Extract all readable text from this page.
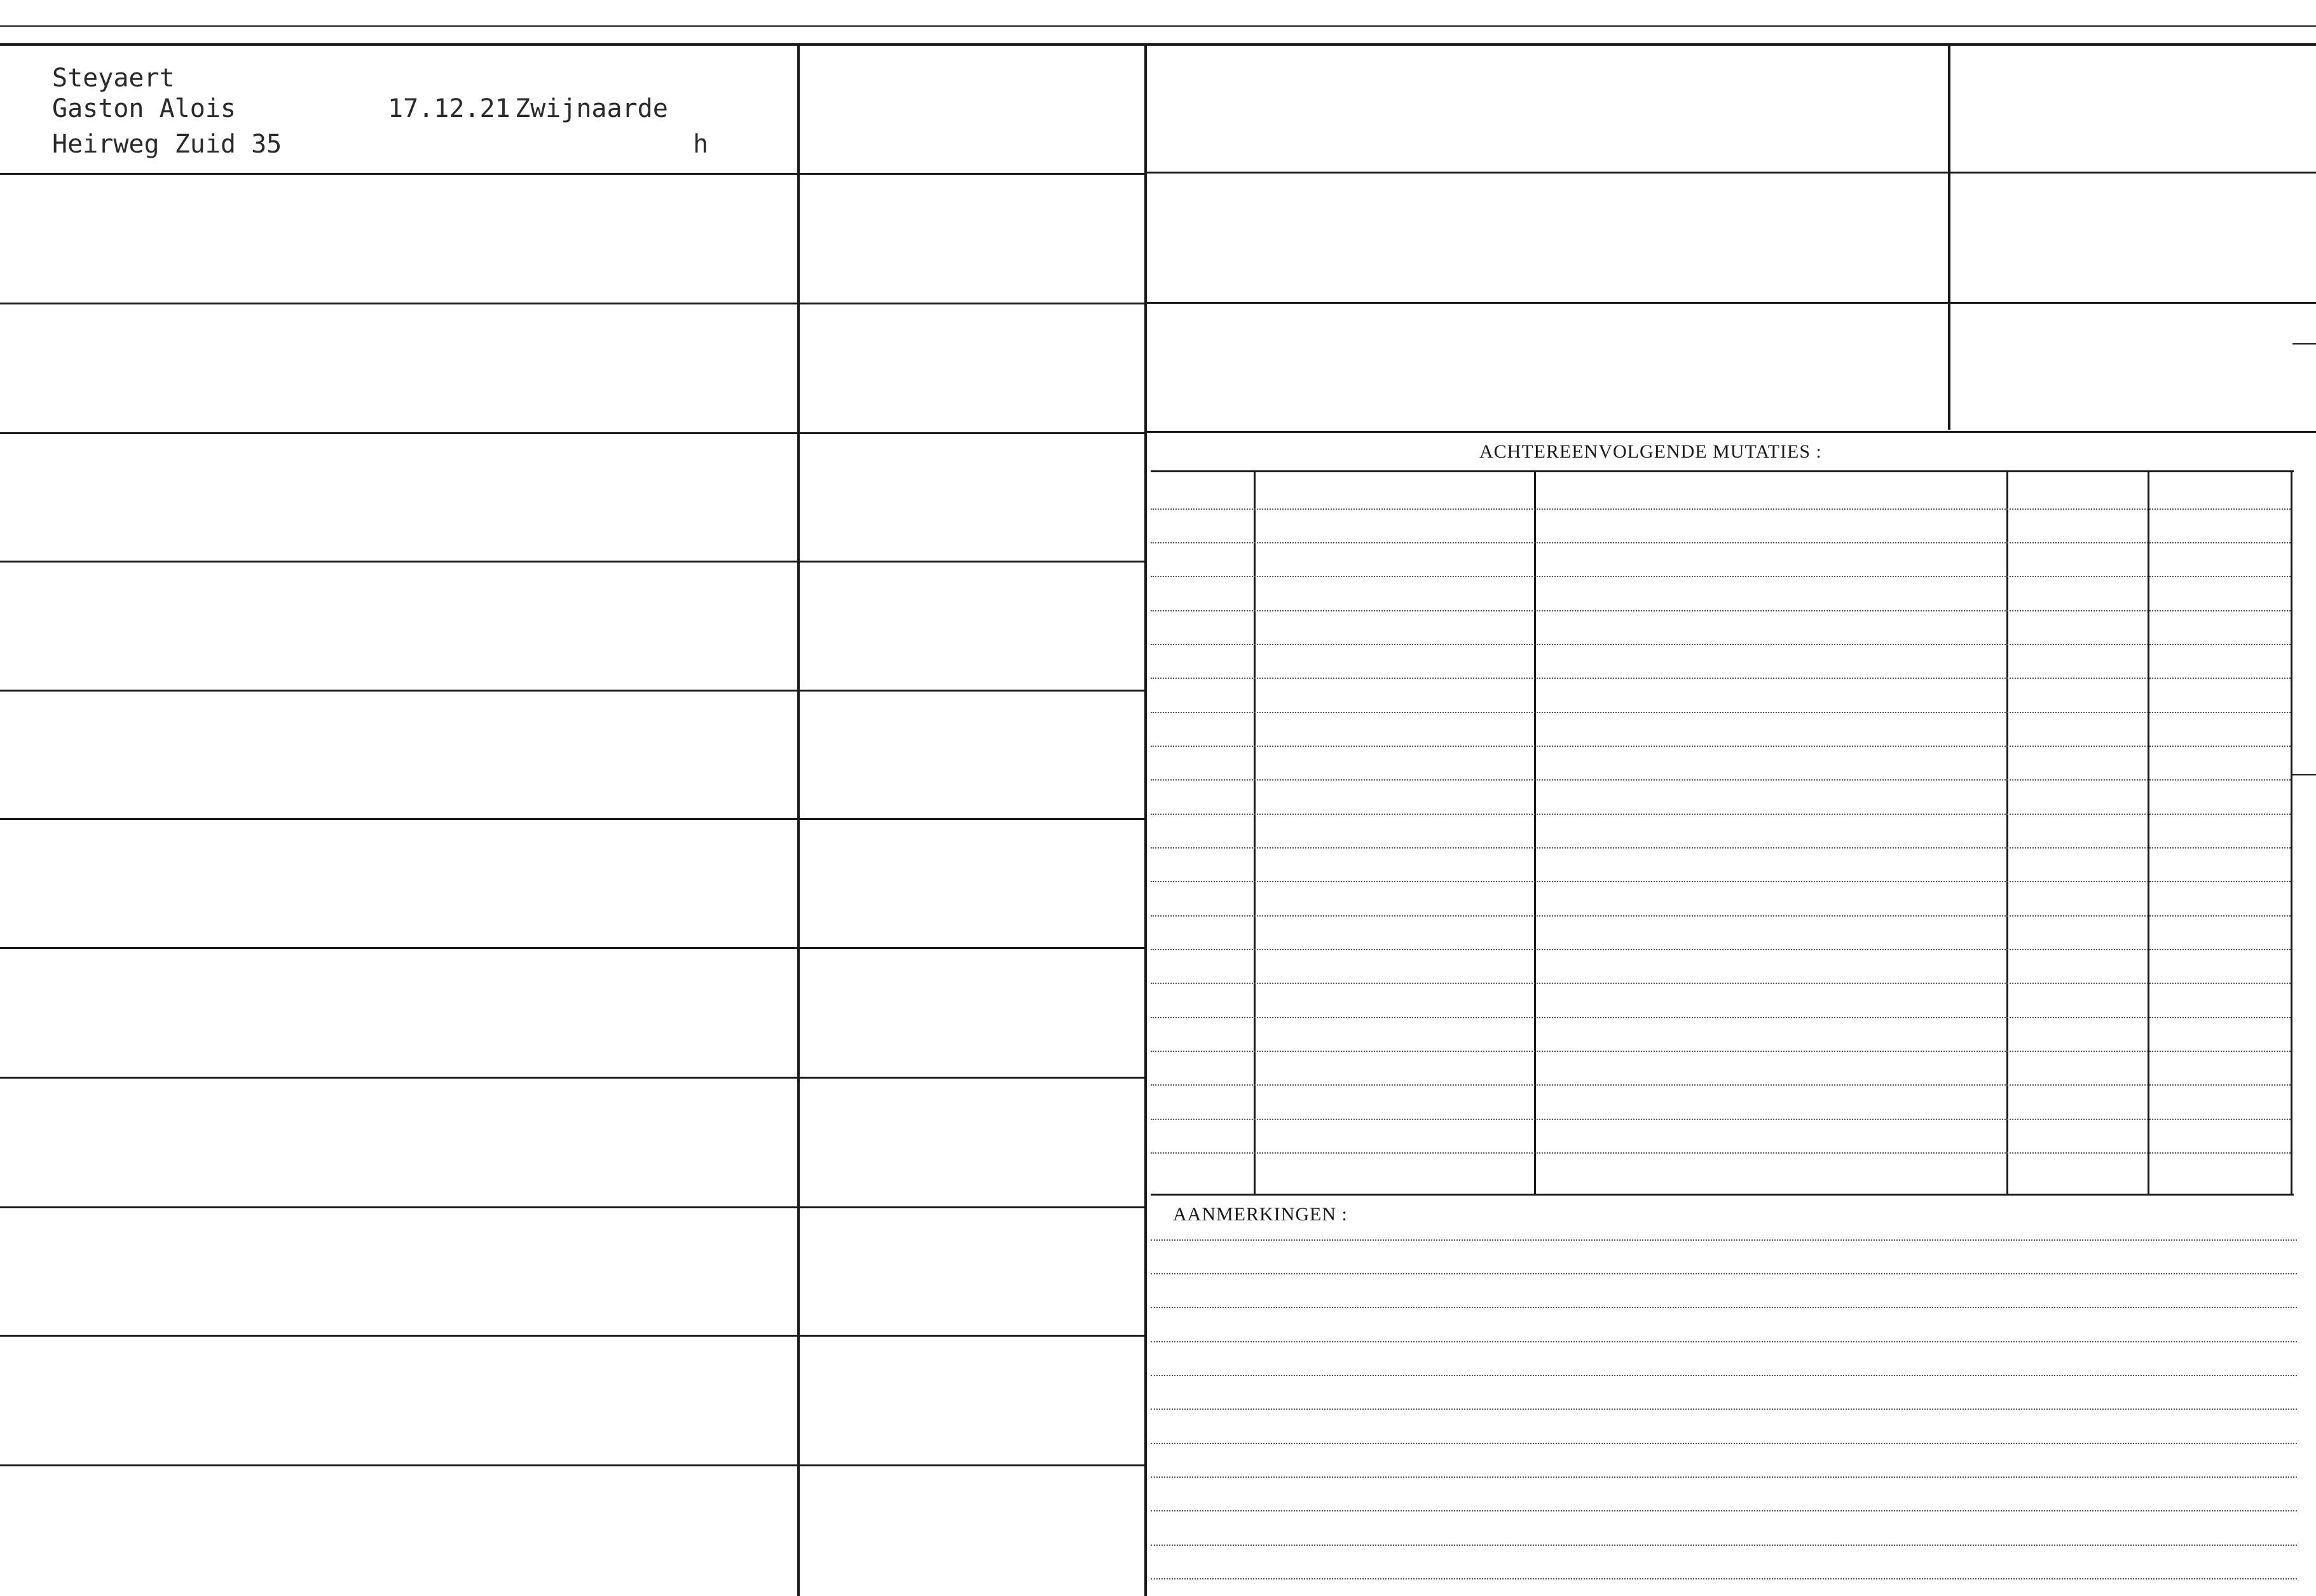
Steyaert
Gaston Alois	17.12.21 Zwijnaarde
Heirweg Zuid 35	h
ACHTEREENVOLGENDE MUTATIES :
AANMERKINGEN :
